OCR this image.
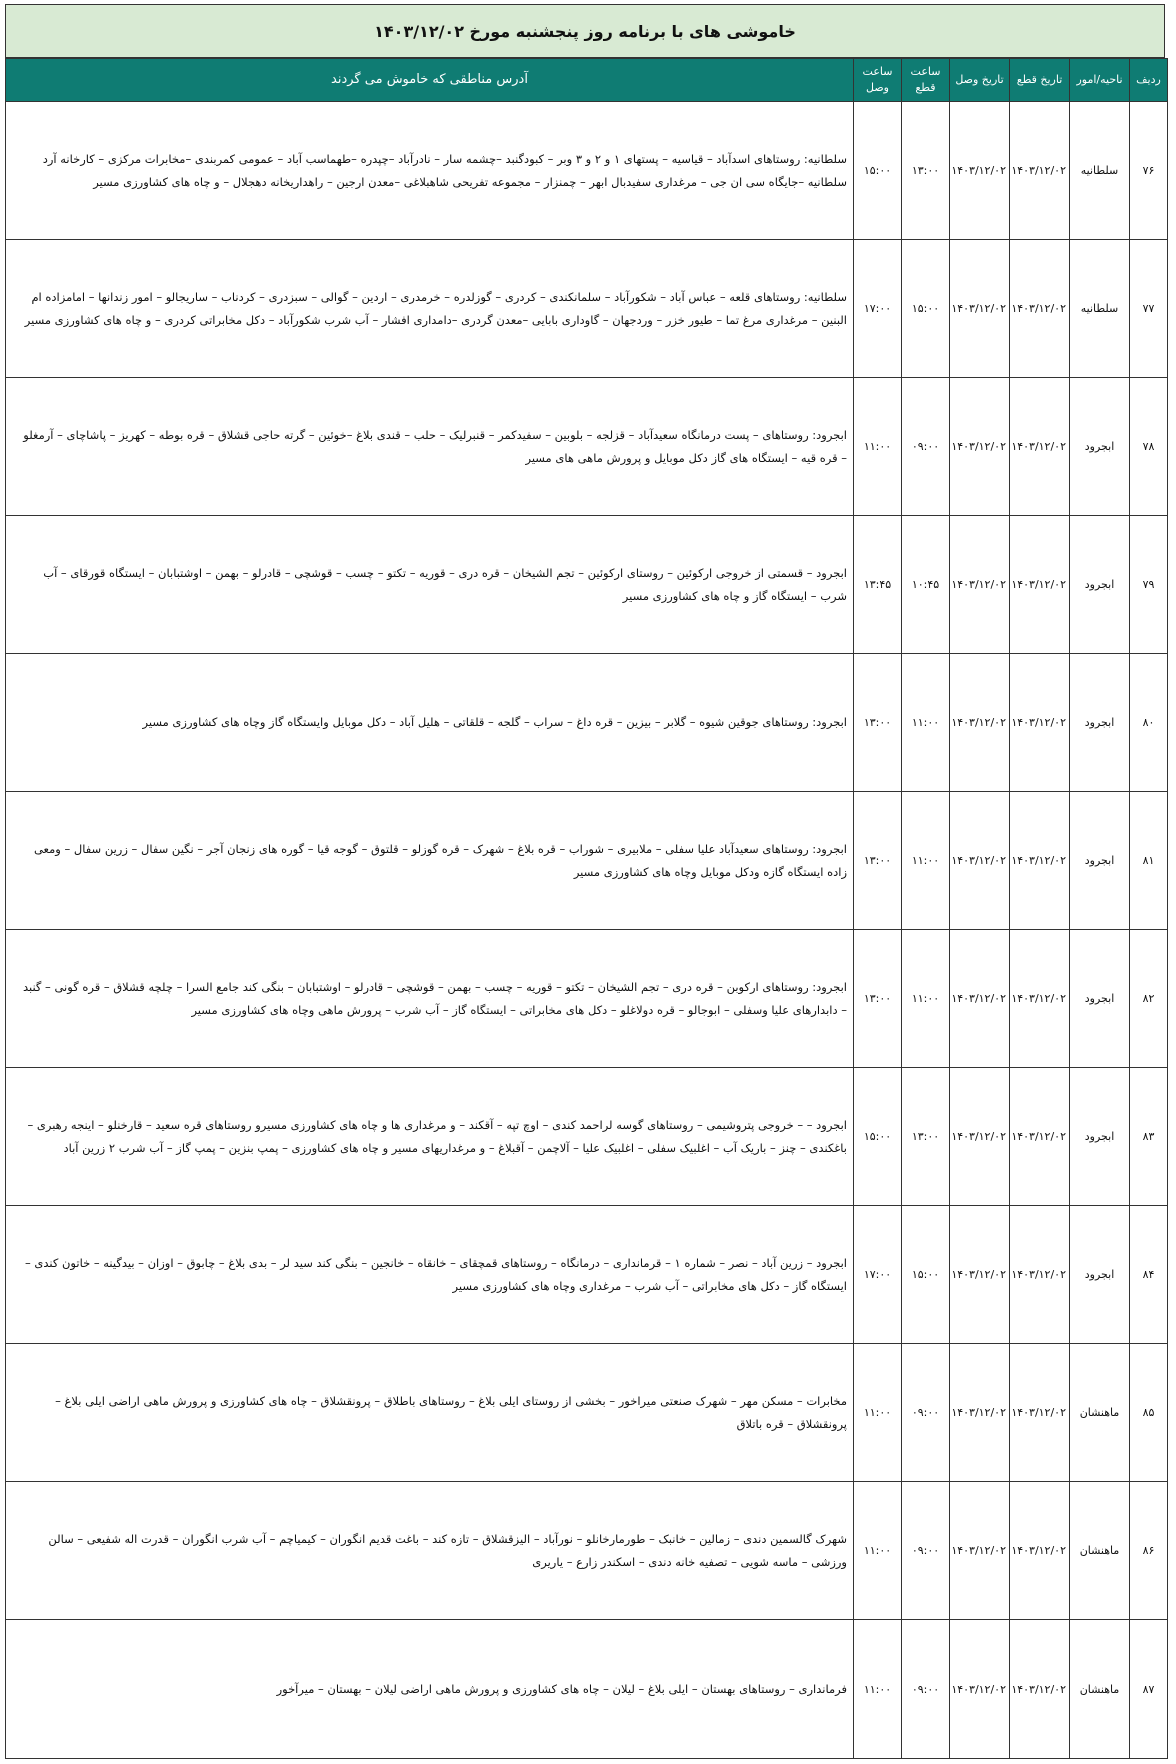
خاموشی های با برنامه روز پنجشنبه مورخ ۱۴۰۳/۱۲/۰۲
ردیف	ناحیه/امور	تاریخ قطع	تاریخ وصل	ساعت قطع	ساعت وصل	آدرس مناطقی که خاموش می گردند
۷۶	سلطانیه	۱۴۰۳/۱۲/۰۲	۱۴۰۳/۱۲/۰۲	۱۳:۰۰	۱۵:۰۰	سلطانیه: روستاهای اسدآباد – قیاسیه – پستهای ۱ و ۲ و ۳ وبر – کبودگنبد –چشمه سار – نادرآباد –چپدره –طهماسب آباد – عمومی کمربندی –مخابرات مرکزی – کارخانه آرد سلطانیه –جایگاه سی ان جی – مرغداری سفیدبال ابهر – چمنزار – مجموعه تفریحی شاهبلاغی –معدن ارجین – راهداریخانه دهجلال – و چاه های کشاورزی مسیر
۷۷	سلطانیه	۱۴۰۳/۱۲/۰۲	۱۴۰۳/۱۲/۰۲	۱۵:۰۰	۱۷:۰۰	سلطانیه: روستاهای قلعه – عباس آباد – شکورآباد – سلمانکندی – کردری – گوزلدره – خرمدری – اردین – گوالی – سبزدری – کردناب – ساریجالو – امور زندانها – امامزاده ام البنین – مرغداری مرغ تما – طیور خزر – وردجهان – گاوداری بابایی –معدن گردری –دامداری افشار – آب شرب شکورآباد – دکل مخابراتی کردری – و چاه های کشاورزی مسیر
۷۸	ابجرود	۱۴۰۳/۱۲/۰۲	۱۴۰۳/۱۲/۰۲	۰۹:۰۰	۱۱:۰۰	ابجرود: روستاهای – پست درمانگاه سعیدآباد – قزلجه – بلوبین – سفیدکمر – قنبرلیک – حلب – قندی بلاغ –خوئین – گرته حاجی قشلاق – قره بوطه – کهریز – پاشاچای – آرمغلو – قره قیه – ایستگاه های گاز دکل موبایل و پرورش ماهی های مسیر
۷۹	ابجرود	۱۴۰۳/۱۲/۰۲	۱۴۰۳/۱۲/۰۲	۱۰:۴۵	۱۳:۴۵	ابجرود – قسمتی از خروجی ارکوئین – روستای ارکوئین – تجم الشیخان – قره دری – قوریه – تکتو – چسب – قوشچی – قادرلو – بهمن – اوشتبابان – ایستگاه قورقای – آب شرب – ایستگاه گاز و چاه های کشاورزی مسیر
۸۰	ابجرود	۱۴۰۳/۱۲/۰۲	۱۴۰۳/۱۲/۰۲	۱۱:۰۰	۱۳:۰۰	ابجرود: روستاهای جوقین شیوه – گلابر – بیزین – قره داغ – سراب – گلجه – قلقاتی – هلیل آباد – دکل موبایل وایستگاه گاز وچاه های کشاورزی مسیر
۸۱	ابجرود	۱۴۰۳/۱۲/۰۲	۱۴۰۳/۱۲/۰۲	۱۱:۰۰	۱۳:۰۰	ابجرود: روستاهای سعیدآباد علیا سفلی – ملابیری – شوراب – قره بلاغ – شهرک – قره گوزلو – قلتوق – گوجه قیا – گوره های زنجان آجر – نگین سفال – زرین سفال – ومعی زاده ایستگاه گازه ودکل موبایل وچاه های کشاورزی مسیر
۸۲	ابجرود	۱۴۰۳/۱۲/۰۲	۱۴۰۳/۱۲/۰۲	۱۱:۰۰	۱۳:۰۰	ابجرود: روستاهای ارکوبن – قره دری – تجم الشیخان – تکتو – قوریه – چسب – بهمن – قوشچی – قادرلو – اوشتبابان – بنگی کند جامع السرا – چلچه قشلاق – قره گونی – گنبد – دابدارهای علیا وسفلی – ابوجالو – قره دولاغلو – دکل های مخابراتی – ایستگاه گاز – آب شرب – پرورش ماهی وچاه های کشاورزی مسیر
۸۳	ابجرود	۱۴۰۳/۱۲/۰۲	۱۴۰۳/۱۲/۰۲	۱۳:۰۰	۱۵:۰۰	ابجرود – – خروجی پتروشیمی – روستاهای گوسه لراحمد کندی – اوچ تپه – آقکند – و مرغداری ها و چاه های کشاورزی مسیرو روستاهای قره سعید – قارخنلو – اینجه رهبری – باغکندی – چنز – باریک آب – اغلبیک سفلی – اغلبیک علیا – آلاچمن – آقبلاغ – و مرغداریهای مسیر و چاه های کشاورزی – پمپ بنزین – پمپ گاز – آب شرب ۲ زرین آباد
۸۴	ابجرود	۱۴۰۳/۱۲/۰۲	۱۴۰۳/۱۲/۰۲	۱۵:۰۰	۱۷:۰۰	ابجرود – زرین آباد – نصر – شماره ۱ – قرمانداری – درمانگاه – روستاهای قمچقای – خانقاه – خانجین – بنگی کند سید لر – بدی بلاغ – چابوق – اوزان – بیدگینه – خاتون کندی – ایستگاه گاز – دکل های مخابراتی – آب شرب – مرغداری وچاه های کشاورزی مسیر
۸۵	ماهنشان	۱۴۰۳/۱۲/۰۲	۱۴۰۳/۱۲/۰۲	۰۹:۰۰	۱۱:۰۰	مخابرات – مسکن مهر – شهرک صنعتی میراخور – بخشی از روستای ایلی بلاغ – روستاهای باطلاق – پرونقشلاق – چاه های کشاورزی و پرورش ماهی اراضی ایلی بلاغ – پرونقشلاق – قره باتلاق
۸۶	ماهنشان	۱۴۰۳/۱۲/۰۲	۱۴۰۳/۱۲/۰۲	۰۹:۰۰	۱۱:۰۰	شهرک گالسمین دندی – زمالین – خانبک – طورمارخانلو – نورآباد – الیزقشلاق – تازه کند – باغت قدیم انگوران – کیمیاچم – آب شرب انگوران – قدرت اله شفیعی – سالن ورزشی – ماسه شویی – تصفیه خانه دندی – اسکندر زارع – یاریری
۸۷	ماهنشان	۱۴۰۳/۱۲/۰۲	۱۴۰۳/۱۲/۰۲	۰۹:۰۰	۱۱:۰۰	فرمانداری – روستاهای بهستان – ایلی بلاغ – لیلان – چاه های کشاورزی و پرورش ماهی اراضی لیلان – بهستان – میرآخور
